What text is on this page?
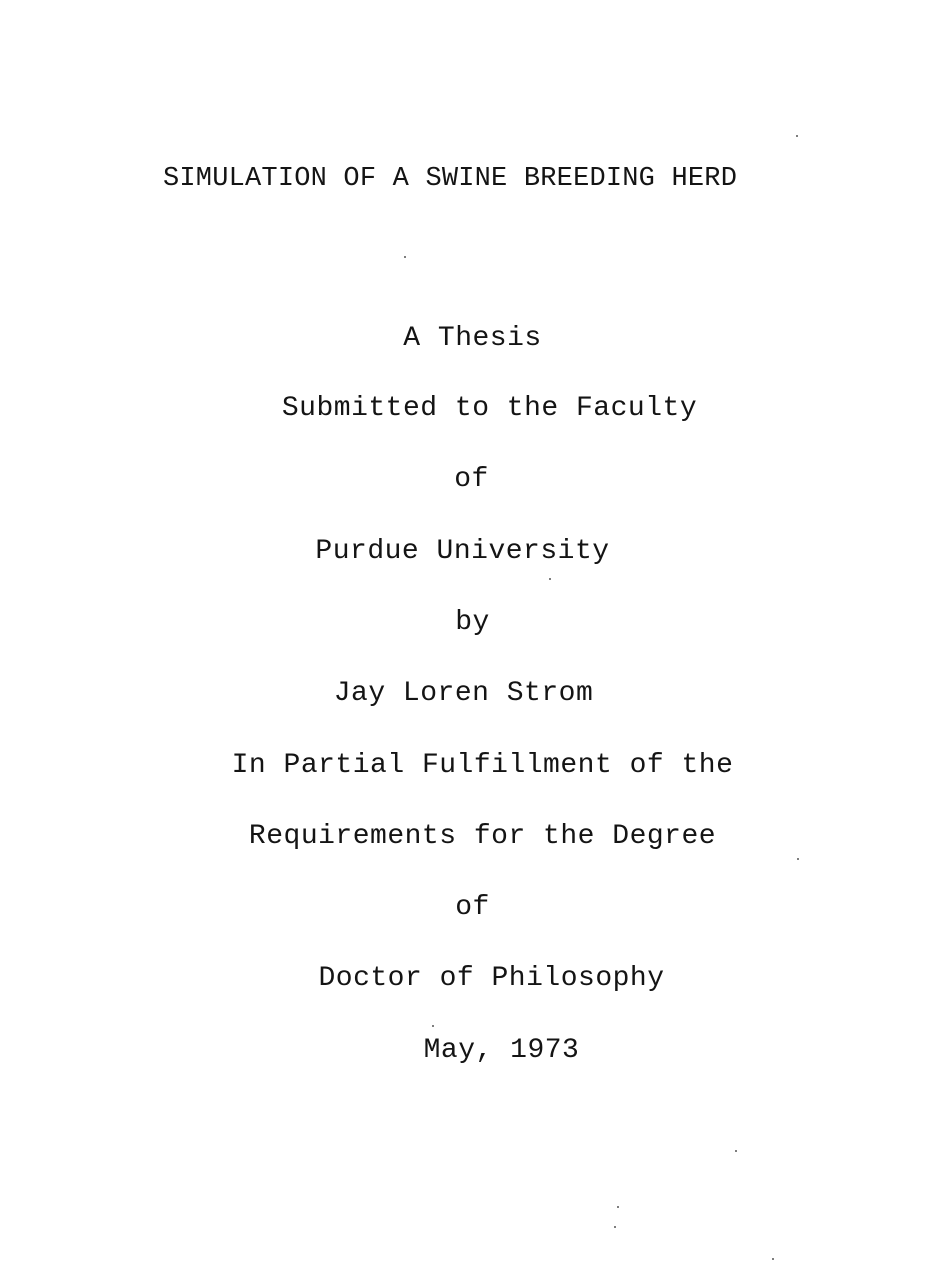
SIMULATION OF A SWINE BREEDING HERD
A Thesis
Submitted to the Faculty
of
Purdue University
by
Jay Loren Strom
In Partial Fulfillment of the
Requirements for the Degree
of
Doctor of Philosophy
May, 1973
